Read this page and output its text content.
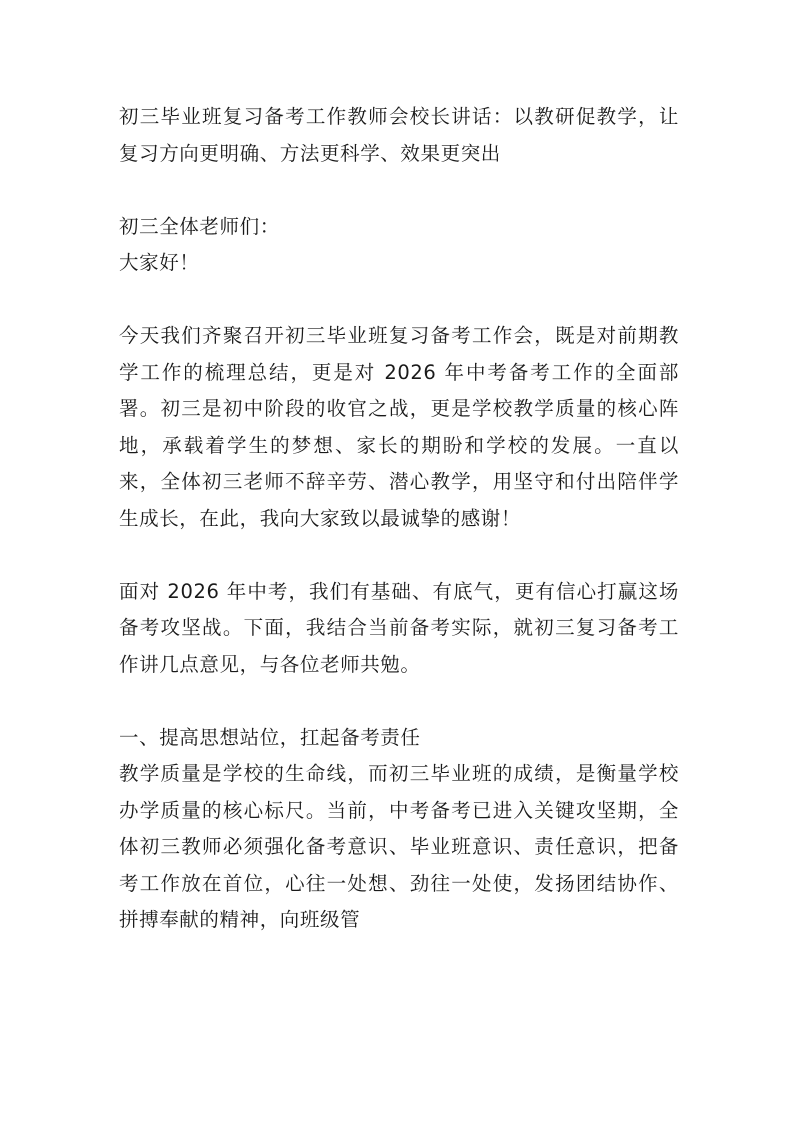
初三毕业班复习备考工作教师会校长讲话：以教研促教学，让复习方向更明确、方法更科学、效果更突出

初三全体老师们：

大家好！

今天我们齐聚召开初三毕业班复习备考工作会，既是对前期教学工作的梳理总结，更是对 2026 年中考备考工作的全面部署。初三是初中阶段的收官之战，更是学校教学质量的核心阵地，承载着学生的梦想、家长的期盼和学校的发展。一直以来，全体初三老师不辞辛劳、潜心教学，用坚守和付出陪伴学生成长，在此，我向大家致以最诚挚的感谢！

面对 2026 年中考，我们有基础、有底气，更有信心打赢这场备考攻坚战。下面，我结合当前备考实际，就初三复习备考工作讲几点意见，与各位老师共勉。

一、提高思想站位，扛起备考责任

教学质量是学校的生命线，而初三毕业班的成绩，是衡量学校办学质量的核心标尺。当前，中考备考已进入关键攻坚期，全体初三教师必须强化备考意识、毕业班意识、责任意识，把备考工作放在首位，心往一处想、劲往一处使，发扬团结协作、拼搏奉献的精神，向班级管
